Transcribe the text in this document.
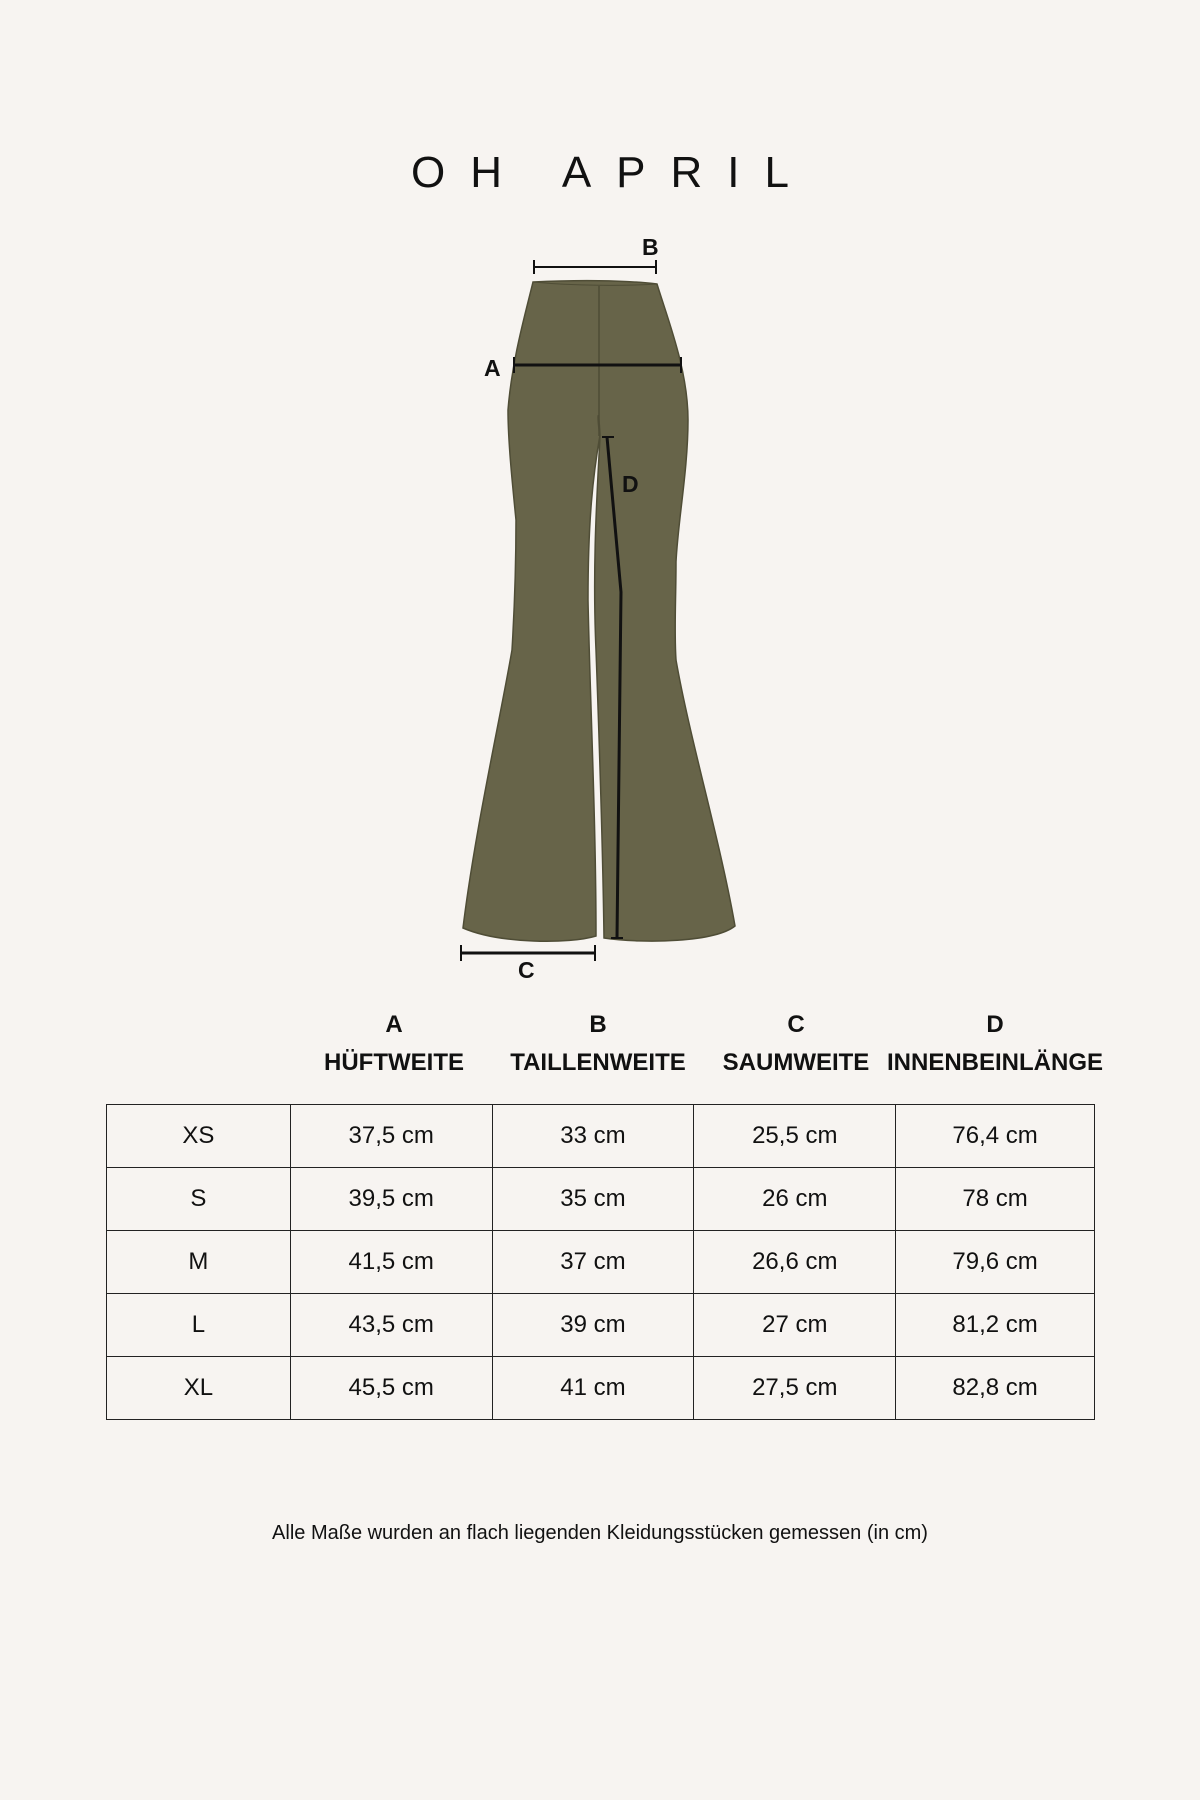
OH APRIL
B
A
D
C
A
HÜFTWEITE
B
TAILLENWEITE
C
SAUMWEITE
D
INNENBEINLÄNGE
XS	37,5 cm	33 cm	25,5 cm	76,4 cm
S	39,5 cm	35 cm	26 cm	78 cm
M	41,5 cm	37 cm	26,6 cm	79,6 cm
L	43,5 cm	39 cm	27 cm	81,2 cm
XL	45,5 cm	41 cm	27,5 cm	82,8 cm
Alle Maße wurden an flach liegenden Kleidungsstücken gemessen (in cm)
